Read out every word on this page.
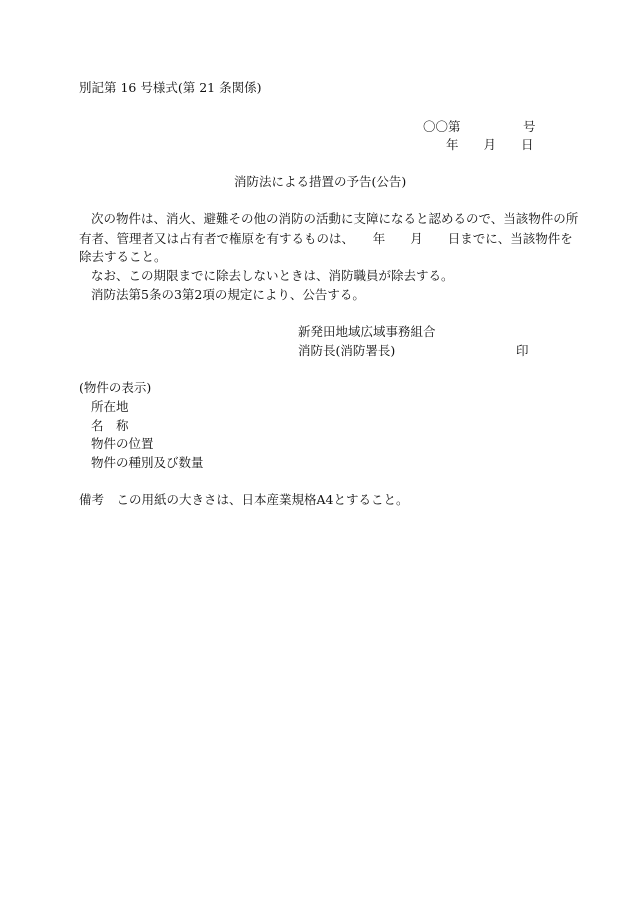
別記第 16 号様式(第 21 条関係)
〇〇第　　　　　号
年　　月　　日
消防法による措置の予告(公告)
次の物件は、消火、避難その他の消防の活動に支障になると認めるので、当該物件の所
有者、管理者又は占有者で権原を有するものは、　　年　　月　　日までに、当該物件を
除去すること。
なお、この期限までに除去しないときは、消防職員が除去する。
消防法第5条の3第2項の規定により、公告する。
新発田地域広域事務組合
消防長(消防署長)	印
(物件の表示)
所在地
名　称
物件の位置
物件の種別及び数量
備考　この用紙の大きさは、日本産業規格A4とすること。
